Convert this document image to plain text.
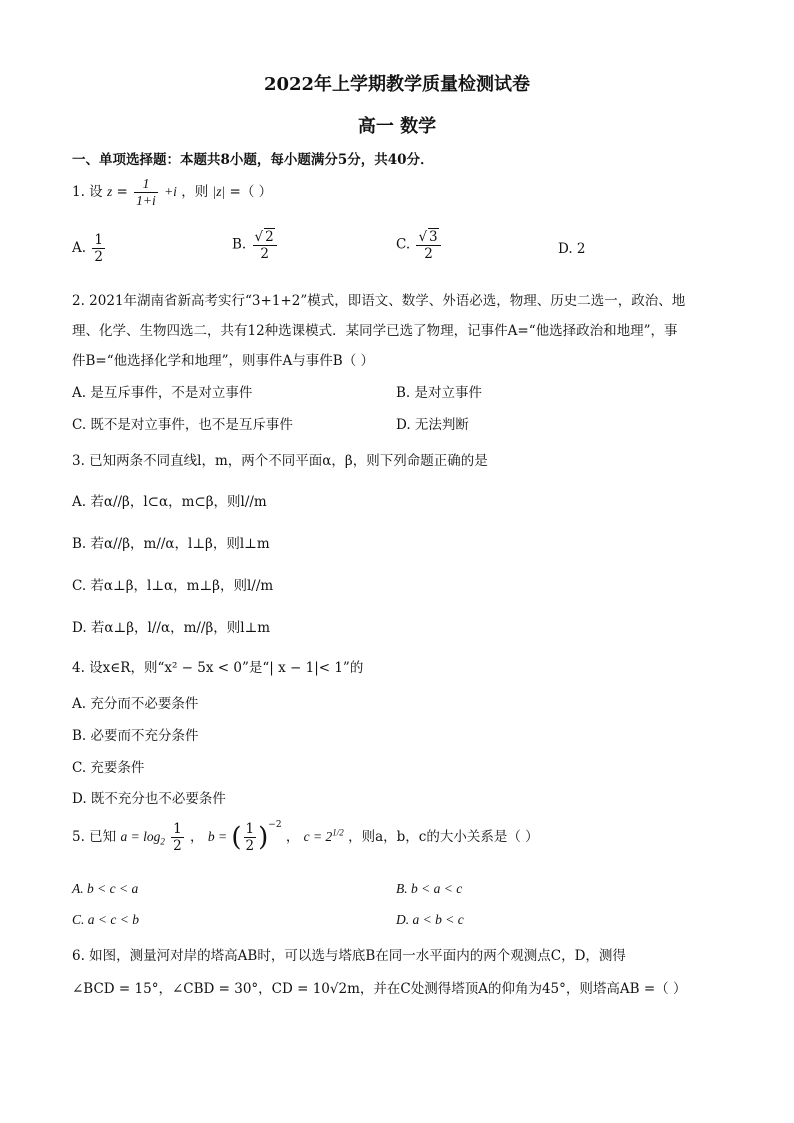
2022年上学期教学质量检测试卷
高一 数学
一、单项选择题：本题共8小题，每小题满分5分，共40分．
1. 设 $z = \frac{1}{1+i} +i$ ，则 |z| =（ ）
A. $\frac{1}{2}$	B. $\frac{√ 2}{2}$	C. $\frac{√ 3}{2}$	D. 2
2. 2021年湖南省新高考实行“3+1+2”模式，即语文、数学、外语必选，物理、历史二选一，政治、地
理、化学、生物四选二，共有12种选课模式．某同学已选了物理，记事件A=“他选择政治和地理”，事
件B=“他选择化学和地理”，则事件A与事件B（ ）
A. 是互斥事件，不是对立事件	B. 是对立事件
C. 既不是对立事件，也不是互斥事件	D. 无法判断
3. 已知两条不同直线l，m，两个不同平面α，β，则下列命题正确的是
A. 若α//β，l⊂α，m⊂β，则l//m
B. 若α//β，m//α，l⊥β，则l⊥m
C. 若α⊥β，l⊥α，m⊥β，则l//m
D. 若α⊥β，l//α，m//β，则l⊥m
4. 设x∈R，则“x² − 5x < 0”是“| x − 1|< 1”的
A. 充分而不必要条件
B. 必要而不充分条件
C. 充要条件
D. 既不充分也不必要条件
5. 已知 $a = \log_2 \frac{1}{2}$ ， b = ( $\frac{1}{2} )^{-2}$ ， $c = 2^{1/2}$ ，则a，b，c的大小关系是（ ）
A. b < c < a	B. b < a < c
C. a < c < b	D. a < b < c
6. 如图，测量河对岸的塔高AB时，可以选与塔底B在同一水平面内的两个观测点C，D，测得
∠BCD = 15°，∠CBD = 30°，CD = 10√2m，并在C处测得塔顶A的仰角为45°，则塔高AB =（ ）
